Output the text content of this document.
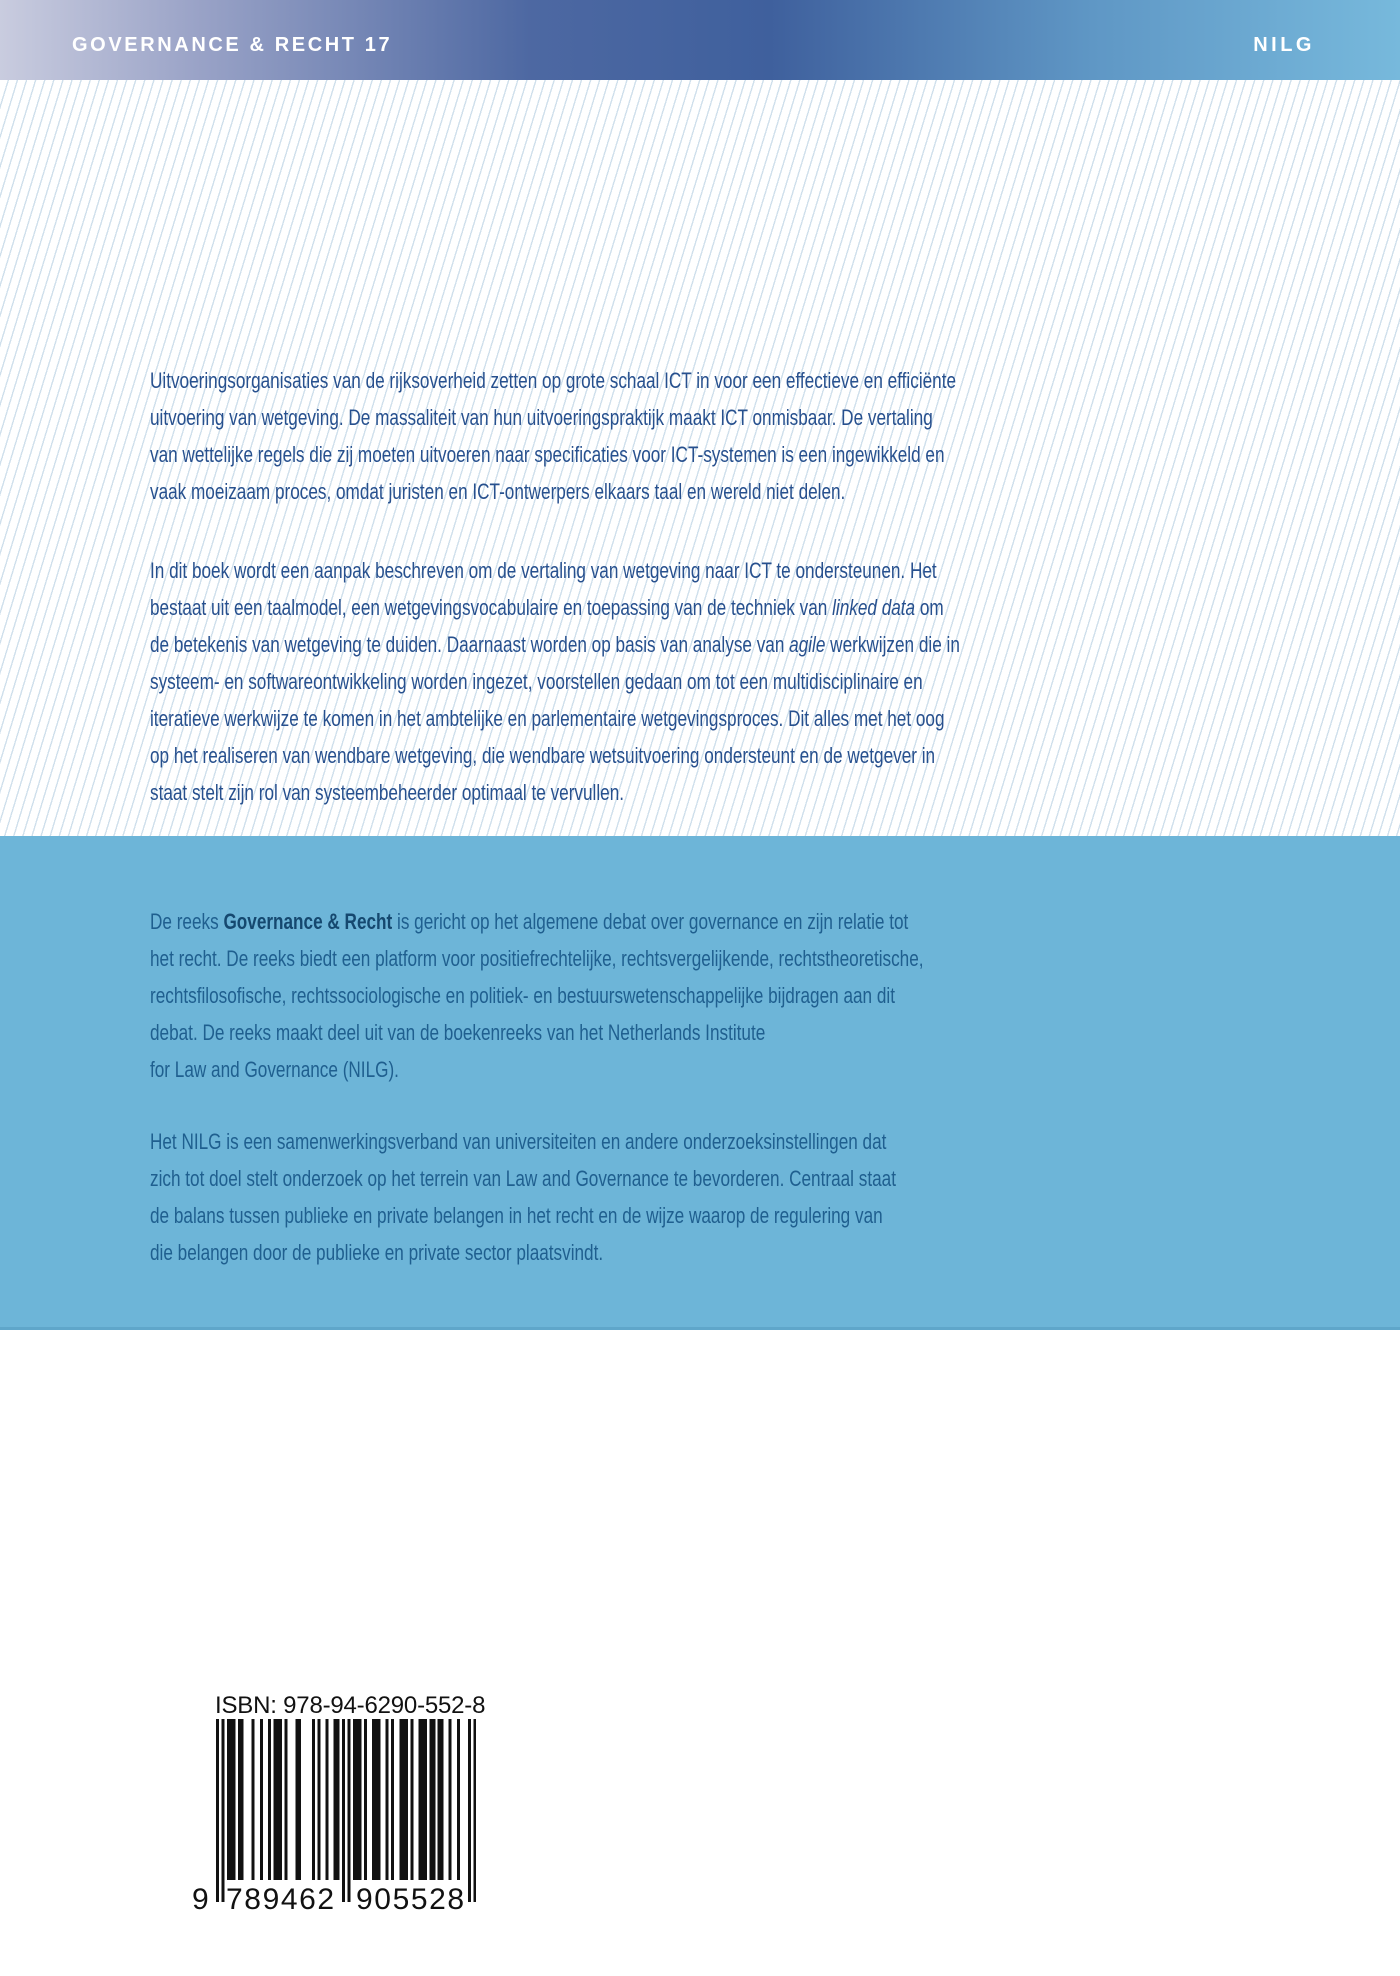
GOVERNANCE & RECHT 17	NILG
Uitvoeringsorganisaties van de rijksoverheid zetten op grote schaal ICT in voor een effectieve en efficiënte
uitvoering van wetgeving. De massaliteit van hun uitvoeringspraktijk maakt ICT onmisbaar. De vertaling
van wettelijke regels die zij moeten uitvoeren naar specificaties voor ICT-systemen is een ingewikkeld en
vaak moeizaam proces, omdat juristen en ICT-ontwerpers elkaars taal en wereld niet delen.
In dit boek wordt een aanpak beschreven om de vertaling van wetgeving naar ICT te ondersteunen. Het
bestaat uit een taalmodel, een wetgevingsvocabulaire en toepassing van de techniek van linked data om
de betekenis van wetgeving te duiden. Daarnaast worden op basis van analyse van agile werkwijzen die in
systeem- en softwareontwikkeling worden ingezet, voorstellen gedaan om tot een multidisciplinaire en
iteratieve werkwijze te komen in het ambtelijke en parlementaire wetgevingsproces. Dit alles met het oog
op het realiseren van wendbare wetgeving, die wendbare wetsuitvoering ondersteunt en de wetgever in
staat stelt zijn rol van systeembeheerder optimaal te vervullen.
De reeks Governance & Recht is gericht op het algemene debat over governance en zijn relatie tot
het recht. De reeks biedt een platform voor positiefrechtelijke, rechtsvergelijkende, rechtstheoretische,
rechtsfilosofische, rechtssociologische en politiek- en bestuurswetenschappelijke bijdragen aan dit
debat. De reeks maakt deel uit van de boekenreeks van het Netherlands Institute
for Law and Governance (NILG).
Het NILG is een samenwerkingsverband van universiteiten en andere onderzoeksinstellingen dat
zich tot doel stelt onderzoek op het terrein van Law and Governance te bevorderen. Centraal staat
de balans tussen publieke en private belangen in het recht en de wijze waarop de regulering van
die belangen door de publieke en private sector plaatsvindt.
ISBN: 978-94-6290-552-8
9 789462 905528
